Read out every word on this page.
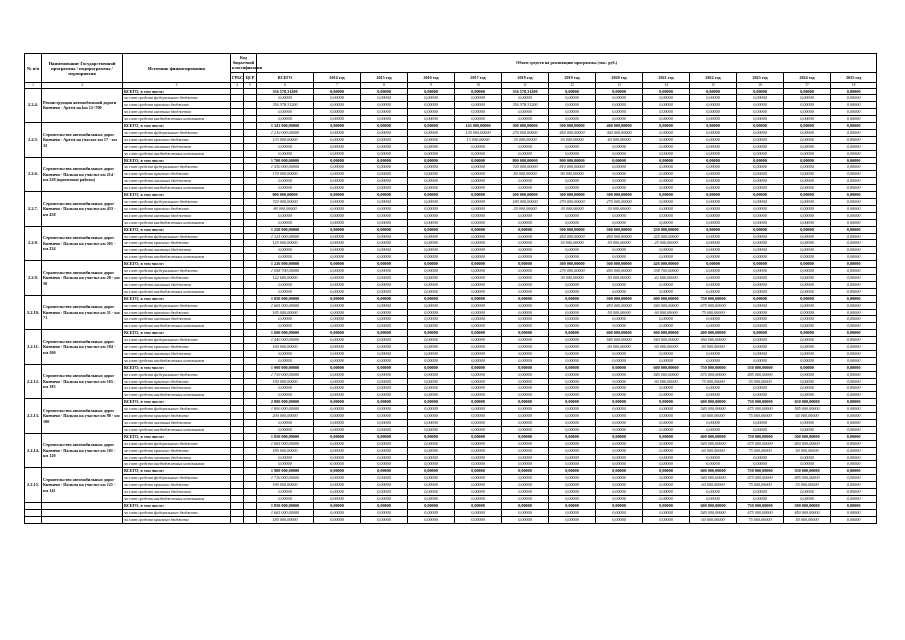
№ п/п	Наименование Государственной программы / подпрограммы / мероприятия	Источник финансирования	Код бюджетной классификации		Объем средств на реализацию программы (тыс. руб.)												
			ГРБС	ЦСР	ВСЕГО	2014 год	2015 год	2016 год	2017 год	2018 год	2019 год	2020 год	2021 год	2022 год	2023 год	2024 год	2025 год
1	2	3	4	5	6	7	8	9	10	11	12	13	14	15	16	17	18
2.2.4.	Реконструкция автомобильной дороги Кневичи - Артем на km 12+700	ВСЕГО, в том числе:			356 578,31200	0,00000	0,00000	0,00000	0,00000	356 578,31200	0,00000	0,00000	0,00000	0,00000	0,00000	0,00000	0,00000
		за счет средств федерального бюджета			0,00000	0,00000	0,00000	0,00000	0,00000	0,00000	0,00000	0,00000	0,00000	0,00000	0,00000	0,00000	0,00000
		за счет средств краевого бюджета			356 578,31200	0,00000	0,00000	0,00000	0,00000	356 578,31200	0,00000	0,00000	0,00000	0,00000	0,00000	0,00000	0,00000
		за счет средств местных бюджетов			0,00000	0,00000	0,00000	0,00000	0,00000	0,00000	0,00000	0,00000	0,00000	0,00000	0,00000	0,00000	0,00000
		за счет средств внебюджетных источников			0,00000	0,00000	0,00000	0,00000	0,00000	0,00000	0,00000	0,00000	0,00000	0,00000	0,00000	0,00000	0,00000
2.2.5.	Строительство автомобильных дорог Кневичи - Артем на участке км 17 - км 32	ВСЕГО, в том числе:			1 343 000,00000	0,00000	0,00000	0,00000	143 000,00000	300 000,00000	500 000,00000	400 000,00000	0,00000	0,00000	0,00000	0,00000	0,00000
		за счет средств федерального бюджета			1 210 000,00000	0,00000	0,00000	0,00000	130 000,00000	270 000,00000	450 000,00000	360 000,00000	0,00000	0,00000	0,00000	0,00000	0,00000
		за счет средств краевого бюджета			133 000,00000	0,00000	0,00000	0,00000	13 000,00000	30 000,00000	50 000,00000	40 000,00000	0,00000	0,00000	0,00000	0,00000	0,00000
		за счет средств местных бюджетов			0,00000	0,00000	0,00000	0,00000	0,00000	0,00000	0,00000	0,00000	0,00000	0,00000	0,00000	0,00000	0,00000
		за счет средств внебюджетных источников			0,00000	0,00000	0,00000	0,00000	0,00000	0,00000	0,00000	0,00000	0,00000	0,00000	0,00000	0,00000	0,00000
2.2.6.	Строительство автомобильных дорог Кневичи - Пальма на участке км 214 - км 228 (проектные работы)	ВСЕГО, в том числе:			1 700 000,00000	0,00000	0,00000	0,00000	0,00000	800 000,00000	900 000,00000	0,00000	0,00000	0,00000	0,00000	0,00000	0,00000
		за счет средств федерального бюджета			1 530 000,00000	0,00000	0,00000	0,00000	0,00000	720 000,00000	810 000,00000	0,00000	0,00000	0,00000	0,00000	0,00000	0,00000
		за счет средств краевого бюджета			170 000,00000	0,00000	0,00000	0,00000	0,00000	80 000,00000	90 000,00000	0,00000	0,00000	0,00000	0,00000	0,00000	0,00000
		за счет средств местных бюджетов			0,00000	0,00000	0,00000	0,00000	0,00000	0,00000	0,00000	0,00000	0,00000	0,00000	0,00000	0,00000	0,00000
		за счет средств внебюджетных источников			0,00000	0,00000	0,00000	0,00000	0,00000	0,00000	0,00000	0,00000	0,00000	0,00000	0,00000	0,00000	0,00000
2.2.7.	Строительство автомобильных дорог Кневичи - Пальма на участке км 433 - км 458	ВСЕГО, в том числе:			800 000,00000	0,00000	0,00000	0,00000	0,00000	200 000,00000	300 000,00000	300 000,00000	0,00000	0,00000	0,00000	0,00000	0,00000
		за счет средств федерального бюджета			720 000,00000	0,00000	0,00000	0,00000	0,00000	180 000,00000	270 000,00000	270 000,00000	0,00000	0,00000	0,00000	0,00000	0,00000
		за счет средств краевого бюджета			80 000,00000	0,00000	0,00000	0,00000	0,00000	20 000,00000	30 000,00000	30 000,00000	0,00000	0,00000	0,00000	0,00000	0,00000
		за счет средств местных бюджетов			0,00000	0,00000	0,00000	0,00000	0,00000	0,00000	0,00000	0,00000	0,00000	0,00000	0,00000	0,00000	0,00000
		за счет средств внебюджетных источников			0,00000	0,00000	0,00000	0,00000	0,00000	0,00000	0,00000	0,00000	0,00000	0,00000	0,00000	0,00000	0,00000
2.2.8.	Строительство автомобильных дорог Кневичи - Пальма на участке км 201 - км 234	ВСЕГО, в том числе:			1 250 000,00000	0,00000	0,00000	0,00000	0,00000	0,00000	500 000,00000	500 000,00000	250 000,00000	0,00000	0,00000	0,00000	0,00000
		за счет средств федерального бюджета			1 125 000,00000	0,00000	0,00000	0,00000	0,00000	0,00000	450 000,00000	450 000,00000	225 000,00000	0,00000	0,00000	0,00000	0,00000
		за счет средств краевого бюджета			125 000,00000	0,00000	0,00000	0,00000	0,00000	0,00000	50 000,00000	50 000,00000	25 000,00000	0,00000	0,00000	0,00000	0,00000
		за счет средств местных бюджетов			0,00000	0,00000	0,00000	0,00000	0,00000	0,00000	0,00000	0,00000	0,00000	0,00000	0,00000	0,00000	0,00000
		за счет средств внебюджетных источников			0,00000	0,00000	0,00000	0,00000	0,00000	0,00000	0,00000	0,00000	0,00000	0,00000	0,00000	0,00000	0,00000
2.2.9.	Строительство автомобильных дорог Кневичи - Пальма на участке км 28 - км 50	ВСЕГО, в том числе:			1 226 000,00000	0,00000	0,00000	0,00000	0,00000	0,00000	300 000,00000	500 000,00000	426 000,00000	0,00000	0,00000	0,00000	0,00000
		за счет средств федерального бюджета			1 058 700,00000	0,00000	0,00000	0,00000	0,00000	0,00000	270 000,00000	450 000,00000	338 700,00000	0,00000	0,00000	0,00000	0,00000
		за счет средств краевого бюджета			122 600,00000	0,00000	0,00000	0,00000	0,00000	0,00000	30 000,00000	50 000,00000	42 600,00000	0,00000	0,00000	0,00000	0,00000
		за счет средств местных бюджетов			0,00000	0,00000	0,00000	0,00000	0,00000	0,00000	0,00000	0,00000	0,00000	0,00000	0,00000	0,00000	0,00000
		за счет средств внебюджетных источников			0,00000	0,00000	0,00000	0,00000	0,00000	0,00000	0,00000	0,00000	0,00000	0,00000	0,00000	0,00000	0,00000
2.2.10.	Строительство автомобильных дорог Кневичи - Пальма на участке км 51 - км 71	ВСЕГО, в том числе:			1 850 000,00000	0,00000	0,00000	0,00000	0,00000	0,00000	0,00000	500 000,00000	600 000,00000	750 000,00000	0,00000	0,00000	0,00000
		за счет средств федерального бюджета			1 665 000,00000	0,00000	0,00000	0,00000	0,00000	0,00000	0,00000	450 000,00000	540 000,00000	675 000,00000	0,00000	0,00000	0,00000
		за счет средств краевого бюджета			185 000,00000	0,00000	0,00000	0,00000	0,00000	0,00000	0,00000	50 000,00000	60 000,00000	75 000,00000	0,00000	0,00000	0,00000
		за счет средств местных бюджетов			0,00000	0,00000	0,00000	0,00000	0,00000	0,00000	0,00000	0,00000	0,00000	0,00000	0,00000	0,00000	0,00000
		за счет средств внебюджетных источников			0,00000	0,00000	0,00000	0,00000	0,00000	0,00000	0,00000	0,00000	0,00000	0,00000	0,00000	0,00000	0,00000
2.2.11.	Строительство автомобильных дорог Кневичи - Пальма на участке км 184 - км 200	ВСЕГО, в том числе:			1 600 000,00000	0,00000	0,00000	0,00000	0,00000	0,00000	0,00000	600 000,00000	600 000,00000	400 000,00000	0,00000	0,00000	0,00000
		за счет средств федерального бюджета			1 440 000,00000	0,00000	0,00000	0,00000	0,00000	0,00000	0,00000	540 000,00000	540 000,00000	360 000,00000	0,00000	0,00000	0,00000
		за счет средств краевого бюджета			160 000,00000	0,00000	0,00000	0,00000	0,00000	0,00000	0,00000	60 000,00000	60 000,00000	40 000,00000	0,00000	0,00000	0,00000
		за счет средств местных бюджетов			0,00000	0,00000	0,00000	0,00000	0,00000	0,00000	0,00000	0,00000	0,00000	0,00000	0,00000	0,00000	0,00000
		за счет средств внебюджетных источников			0,00000	0,00000	0,00000	0,00000	0,00000	0,00000	0,00000	0,00000	0,00000	0,00000	0,00000	0,00000	0,00000
2.2.12.	Строительство автомобильных дорог Кневичи - Пальма на участке км 165 - км 183	ВСЕГО, в том числе:			1 900 000,00000	0,00000	0,00000	0,00000	0,00000	0,00000	0,00000	0,00000	600 000,00000	750 000,00000	550 000,00000	0,00000	0,00000
		за счет средств федерального бюджета			1 710 000,00000	0,00000	0,00000	0,00000	0,00000	0,00000	0,00000	0,00000	540 000,00000	675 000,00000	495 000,00000	0,00000	0,00000
		за счет средств краевого бюджета			190 000,00000	0,00000	0,00000	0,00000	0,00000	0,00000	0,00000	0,00000	60 000,00000	75 000,00000	55 000,00000	0,00000	0,00000
		за счет средств местных бюджетов			0,00000	0,00000	0,00000	0,00000	0,00000	0,00000	0,00000	0,00000	0,00000	0,00000	0,00000	0,00000	0,00000
		за счет средств внебюджетных источников			0,00000	0,00000	0,00000	0,00000	0,00000	0,00000	0,00000	0,00000	0,00000	0,00000	0,00000	0,00000	0,00000
2.2.13.	Строительство автомобильных дорог Кневичи - Пальма на участке км 98 - км 100	ВСЕГО, в том числе:			2 000 000,00000	0,00000	0,00000	0,00000	0,00000	0,00000	0,00000	0,00000	0,00000	600 000,00000	750 000,00000	650 000,00000	0,00000
		за счет средств федерального бюджета			1 800 000,00000	0,00000	0,00000	0,00000	0,00000	0,00000	0,00000	0,00000	0,00000	540 000,00000	675 000,00000	585 000,00000	0,00000
		за счет средств краевого бюджета			200 000,00000	0,00000	0,00000	0,00000	0,00000	0,00000	0,00000	0,00000	0,00000	60 000,00000	75 000,00000	65 000,00000	0,00000
		за счет средств местных бюджетов			0,00000	0,00000	0,00000	0,00000	0,00000	0,00000	0,00000	0,00000	0,00000	0,00000	0,00000	0,00000	0,00000
		за счет средств внебюджетных источников			0,00000	0,00000	0,00000	0,00000	0,00000	0,00000	0,00000	0,00000	0,00000	0,00000	0,00000	0,00000	0,00000
2.2.14.	Строительство автомобильных дорог Кневичи - Пальма на участке км 101 - км 120	ВСЕГО, в том числе:			1 850 000,00000	0,00000	0,00000	0,00000	0,00000	0,00000	0,00000	0,00000	0,00000	600 000,00000	750 000,00000	500 000,00000	0,00000
		за счет средств федерального бюджета			1 665 000,00000	0,00000	0,00000	0,00000	0,00000	0,00000	0,00000	0,00000	0,00000	540 000,00000	675 000,00000	450 000,00000	0,00000
		за счет средств краевого бюджета			185 000,00000	0,00000	0,00000	0,00000	0,00000	0,00000	0,00000	0,00000	0,00000	60 000,00000	75 000,00000	50 000,00000	0,00000
		за счет средств местных бюджетов			0,00000	0,00000	0,00000	0,00000	0,00000	0,00000	0,00000	0,00000	0,00000	0,00000	0,00000	0,00000	0,00000
		за счет средств внебюджетных источников			0,00000	0,00000	0,00000	0,00000	0,00000	0,00000	0,00000	0,00000	0,00000	0,00000	0,00000	0,00000	0,00000
2.2.15.	Строительство автомобильных дорог Кневичи - Пальма на участке км 121 - км 141	ВСЕГО, в том числе:			1 900 000,00000	0,00000	0,00000	0,00000	0,00000	0,00000	0,00000	0,00000	0,00000	600 000,00000	750 000,00000	550 000,00000	0,00000
		за счет средств федерального бюджета			1 710 000,00000	0,00000	0,00000	0,00000	0,00000	0,00000	0,00000	0,00000	0,00000	540 000,00000	675 000,00000	495 000,00000	0,00000
		за счет средств краевого бюджета			190 000,00000	0,00000	0,00000	0,00000	0,00000	0,00000	0,00000	0,00000	0,00000	60 000,00000	75 000,00000	55 000,00000	0,00000
		за счет средств местных бюджетов			0,00000	0,00000	0,00000	0,00000	0,00000	0,00000	0,00000	0,00000	0,00000	0,00000	0,00000	0,00000	0,00000
		за счет средств внебюджетных источников			0,00000	0,00000	0,00000	0,00000	0,00000	0,00000	0,00000	0,00000	0,00000	0,00000	0,00000	0,00000	0,00000
		ВСЕГО, в том числе:			1 850 000,00000	0,00000	0,00000	0,00000	0,00000	0,00000	0,00000	0,00000	0,00000	600 000,00000	750 000,00000	500 000,00000	0,00000
		за счет средств федерального бюджета			1 665 000,00000	0,00000	0,00000	0,00000	0,00000	0,00000	0,00000	0,00000	0,00000	540 000,00000	675 000,00000	450 000,00000	0,00000
		за счет средств краевого бюджета			185 000,00000	0,00000	0,00000	0,00000	0,00000	0,00000	0,00000	0,00000	0,00000	60 000,00000	75 000,00000	50 000,00000	0,00000
